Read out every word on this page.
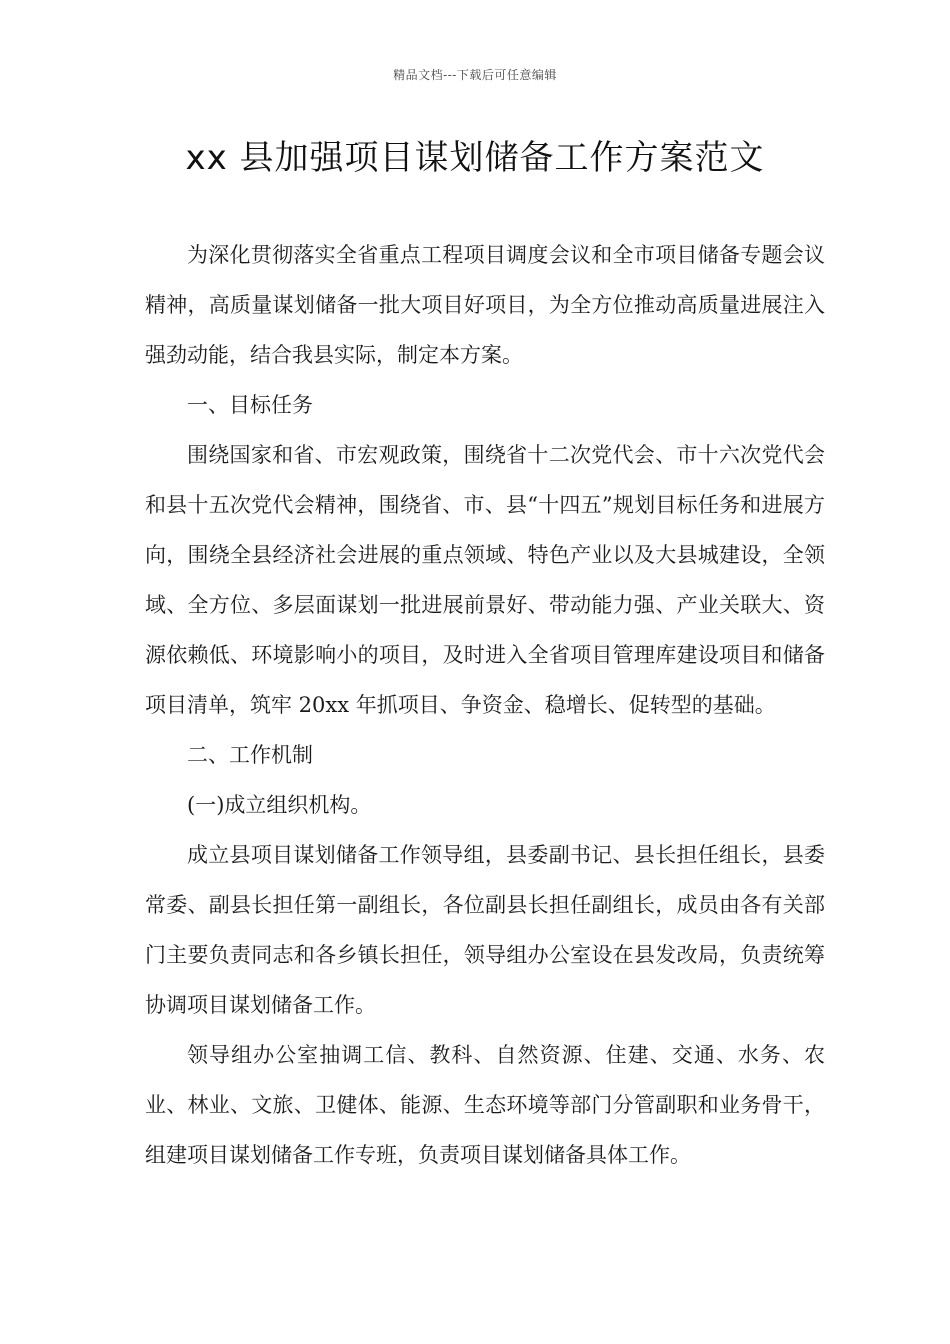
精品文档---下载后可任意编辑
xx 县加强项目谋划储备工作方案范文

为深化贯彻落实全省重点工程项目调度会议和全市项目储备专题会议精神，高质量谋划储备一批大项目好项目，为全方位推动高质量进展注入强劲动能，结合我县实际，制定本方案。

一、目标任务

围绕国家和省、市宏观政策，围绕省十二次党代会、市十六次党代会和县十五次党代会精神，围绕省、市、县“十四五”规划目标任务和进展方向，围绕全县经济社会进展的重点领域、特色产业以及大县城建设，全领域、全方位、多层面谋划一批进展前景好、带动能力强、产业关联大、资源依赖低、环境影响小的项目，及时进入全省项目管理库建设项目和储备项目清单，筑牢 20xx 年抓项目、争资金、稳增长、促转型的基础。

二、工作机制

(一)成立组织机构。

成立县项目谋划储备工作领导组，县委副书记、县长担任组长，县委常委、副县长担任第一副组长，各位副县长担任副组长，成员由各有关部门主要负责同志和各乡镇长担任，领导组办公室设在县发改局，负责统筹协调项目谋划储备工作。

领导组办公室抽调工信、教科、自然资源、住建、交通、水务、农业、林业、文旅、卫健体、能源、生态环境等部门分管副职和业务骨干，组建项目谋划储备工作专班，负责项目谋划储备具体工作。
